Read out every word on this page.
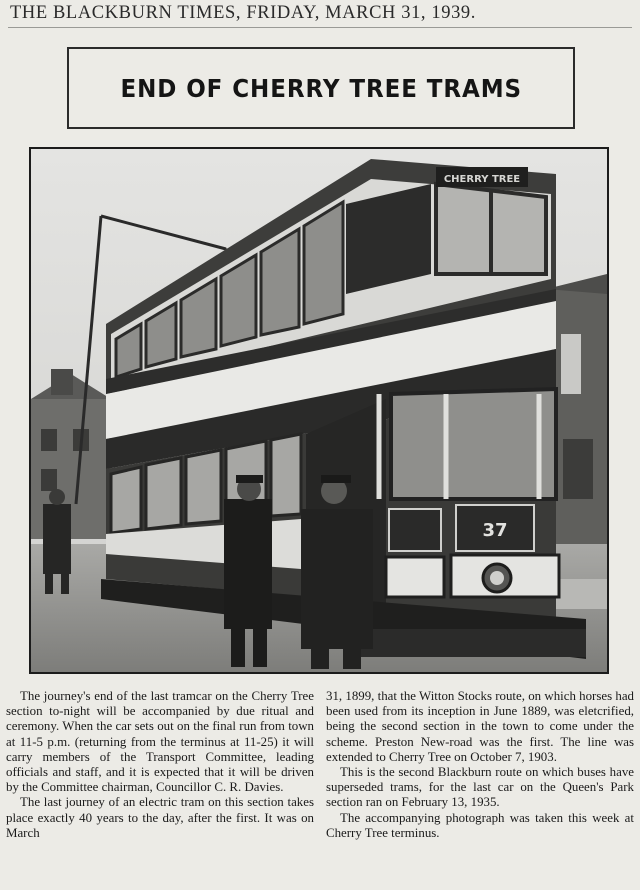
THE BLACKBURN TIMES, FRIDAY, MARCH 31, 1939.
END OF CHERRY TREE TRAMS
CHERRY TREE
37

The journey's end of the last tramcar on the Cherry Tree section to-night will be accompanied by due ritual and ceremony. When the car sets out on the final run from town at 11-5 p.m. (returning from the terminus at 11-25) it will carry members of the Transport Committee, leading officials and staff, and it is expected that it will be driven by the Committee chairman, Councillor C. R. Davies.

The last journey of an electric tram on this section takes place exactly 40 years to the day, after the first. It was on March

31, 1899, that the Witton Stocks route, on which horses had been used from its inception in June 1889, was eletcrified, being the second section in the town to come under the scheme. Preston New-road was the first. The line was extended to Cherry Tree on October 7, 1903.

This is the second Blackburn route on which buses have superseded trams, for the last car on the Queen's Park section ran on February 13, 1935.

The accompanying photograph was taken this week at Cherry Tree terminus.
